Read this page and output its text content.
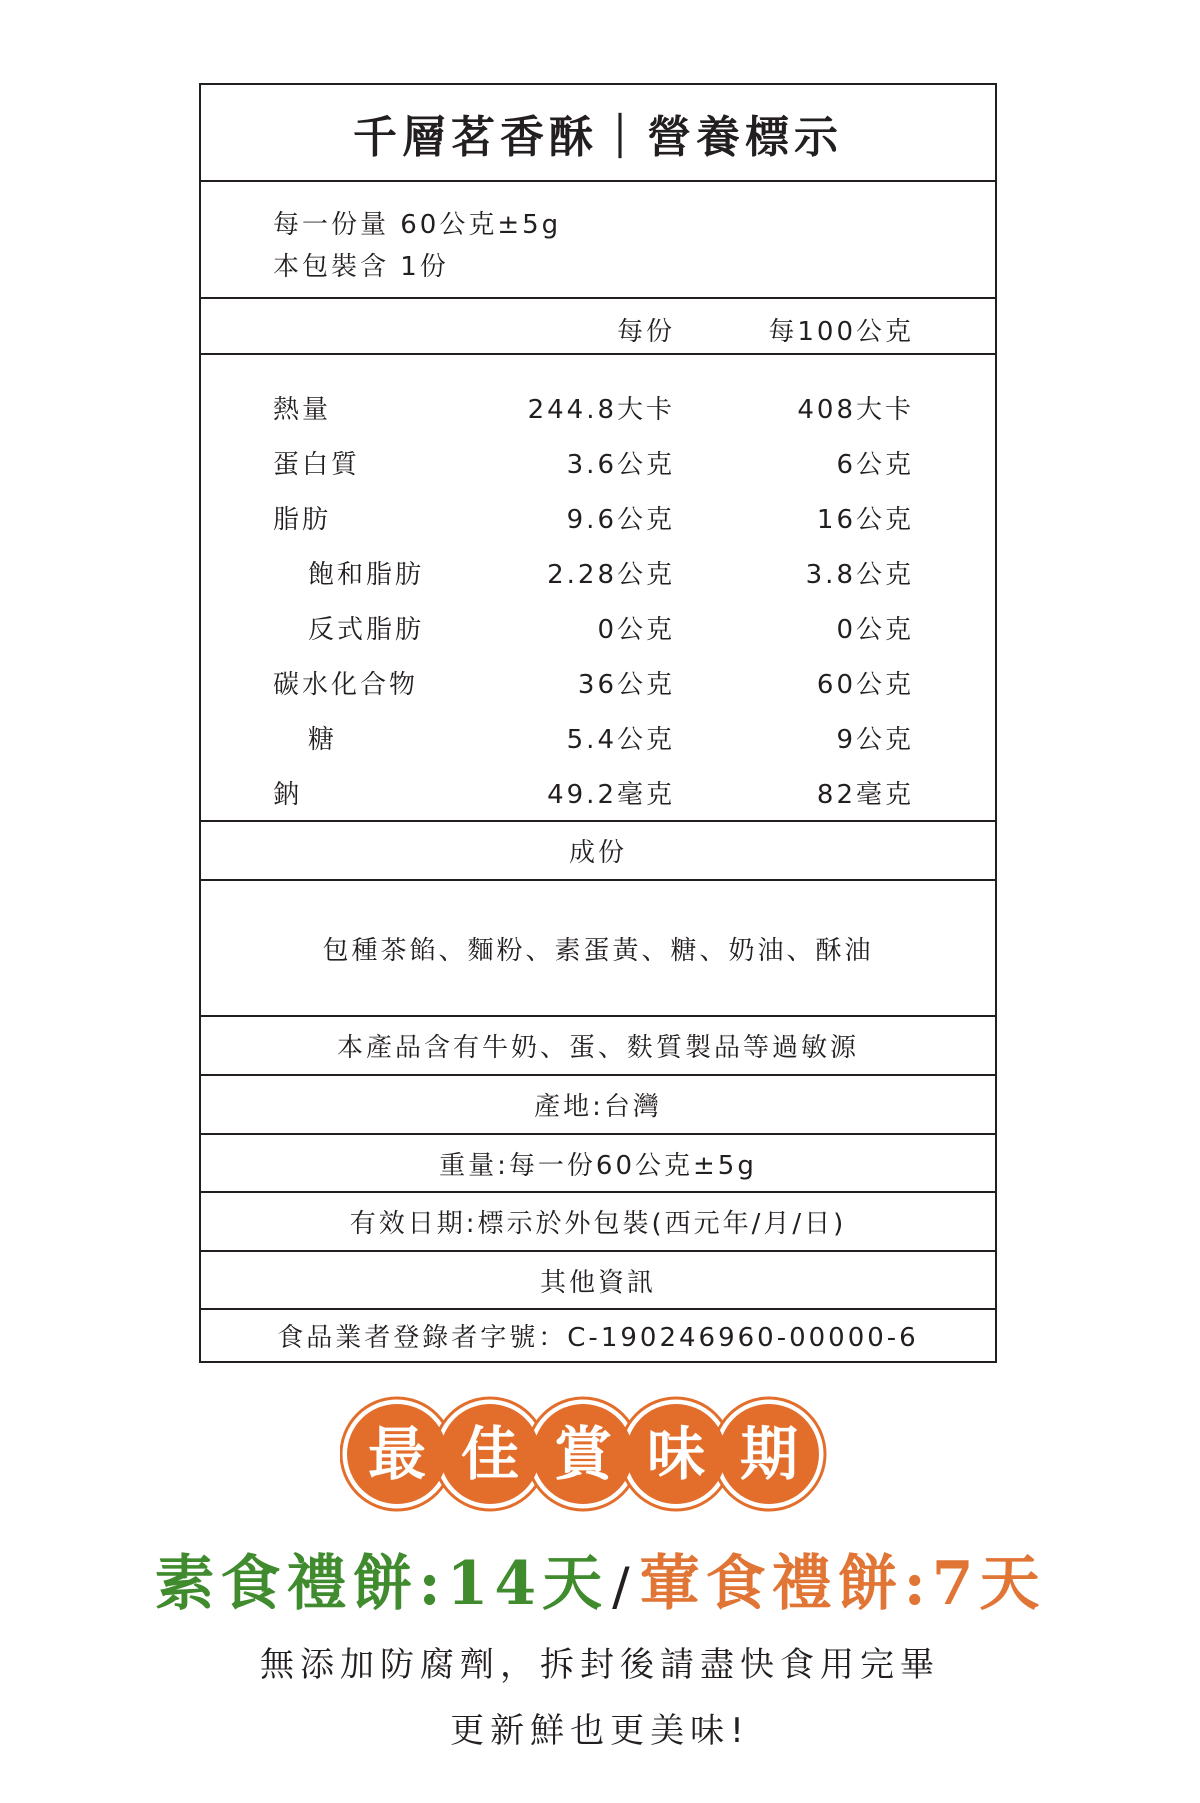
千層茗香酥｜營養標示
每一份量 60公克±5g
本包裝含 1份
每份	每100公克
熱量	244.8大卡	408大卡
蛋白質	3.6公克	6公克
脂肪	9.6公克	16公克
飽和脂肪	2.28公克	3.8公克
反式脂肪	0公克	0公克
碳水化合物	36公克	60公克
糖	5.4公克	9公克
鈉	49.2毫克	82毫克
成份
包種茶餡、麵粉、素蛋黃、糖、奶油、酥油
本產品含有牛奶、蛋、麩質製品等過敏源
產地:台灣
重量:每一份60公克±5g
有效日期:標示於外包裝(西元年/月/日)
其他資訊
食品業者登錄者字號：C-190246960-00000-6
最 佳 賞 味 期
素食禮餅:14天/葷食禮餅:7天
無添加防腐劑，拆封後請盡快食用完畢
更新鮮也更美味!
